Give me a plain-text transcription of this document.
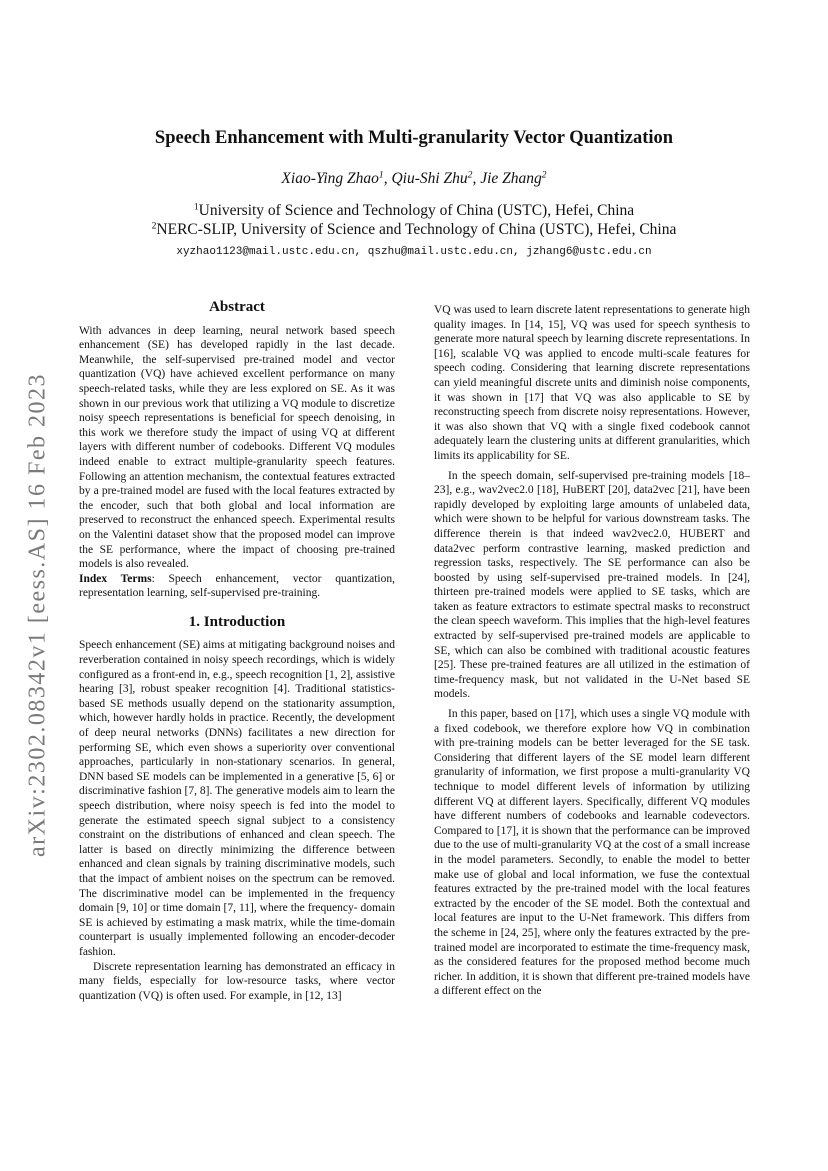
arXiv:2302.08342v1 [eess.AS] 16 Feb 2023
Speech Enhancement with Multi-granularity Vector Quantization
Xiao-Ying Zhao$^1$, Qiu-Shi Zhu$^2$, Jie Zhang$^2$
$^1$University of Science and Technology of China (USTC), Hefei, China
$^2$NERC-SLIP, University of Science and Technology of China (USTC), Hefei, China
xyzhao1123@mail.ustc.edu.cn, qszhu@mail.ustc.edu.cn, jzhang6@ustc.edu.cn
Abstract

With advances in deep learning, neural network based speech enhancement (SE) has developed rapidly in the last decade. Meanwhile, the self-supervised pre-trained model and vector quantization (VQ) have achieved excellent performance on many speech-related tasks, while they are less explored on SE. As it was shown in our previous work that utilizing a VQ module to discretize noisy speech representations is beneficial for speech denoising, in this work we therefore study the impact of using VQ at different layers with different number of codebooks. Different VQ modules indeed enable to extract multiple-granularity speech features. Following an attention mechanism, the contextual features extracted by a pre-trained model are fused with the local features extracted by the encoder, such that both global and local information are preserved to reconstruct the enhanced speech. Experimental results on the Valentini dataset show that the proposed model can improve the SE performance, where the impact of choosing pre-trained models is also revealed.

Index Terms: Speech enhancement, vector quantization, representation learning, self-supervised pre-training.

1. Introduction

Speech enhancement (SE) aims at mitigating background noises and reverberation contained in noisy speech recordings, which is widely configured as a front-end in, e.g., speech recognition [1, 2], assistive hearing [3], robust speaker recognition [4]. Traditional statistics-based SE methods usually depend on the stationarity assumption, which, however hardly holds in practice. Recently, the development of deep neural networks (DNNs) facilitates a new direction for performing SE, which even shows a superiority over conventional approaches, particularly in non-stationary scenarios. In general, DNN based SE models can be implemented in a generative [5, 6] or discriminative fashion [7, 8]. The generative models aim to learn the speech distribution, where noisy speech is fed into the model to generate the estimated speech signal subject to a consistency constraint on the distributions of enhanced and clean speech. The latter is based on directly minimizing the difference between enhanced and clean signals by training discriminative models, such that the impact of ambient noises on the spectrum can be removed. The discriminative model can be implemented in the frequency domain [9, 10] or time domain [7, 11], where the frequency- domain SE is achieved by estimating a mask matrix, while the time-domain counterpart is usually implemented following an encoder-decoder fashion.

Discrete representation learning has demonstrated an efficacy in many fields, especially for low-resource tasks, where vector quantization (VQ) is often used. For example, in [12, 13]

VQ was used to learn discrete latent representations to generate high quality images. In [14, 15], VQ was used for speech synthesis to generate more natural speech by learning discrete representations. In [16], scalable VQ was applied to encode multi-scale features for speech coding. Considering that learning discrete representations can yield meaningful discrete units and diminish noise components, it was shown in [17] that VQ was also applicable to SE by reconstructing speech from discrete noisy representations. However, it was also shown that VQ with a single fixed codebook cannot adequately learn the clustering units at different granularities, which limits its applicability for SE.

In the speech domain, self-supervised pre-training models [18–23], e.g., wav2vec2.0 [18], HuBERT [20], data2vec [21], have been rapidly developed by exploiting large amounts of unlabeled data, which were shown to be helpful for various downstream tasks. The difference therein is that indeed wav2vec2.0, HUBERT and data2vec perform contrastive learning, masked prediction and regression tasks, respectively. The SE performance can also be boosted by using self-supervised pre-trained models. In [24], thirteen pre-trained models were applied to SE tasks, which are taken as feature extractors to estimate spectral masks to reconstruct the clean speech waveform. This implies that the high-level features extracted by self-supervised pre-trained models are applicable to SE, which can also be combined with traditional acoustic features [25]. These pre-trained features are all utilized in the estimation of time-frequency mask, but not validated in the U-Net based SE models.

In this paper, based on [17], which uses a single VQ module with a fixed codebook, we therefore explore how VQ in combination with pre-training models can be better leveraged for the SE task. Considering that different layers of the SE model learn different granularity of information, we first propose a multi-granularity VQ technique to model different levels of information by utilizing different VQ at different layers. Specifically, different VQ modules have different numbers of codebooks and learnable codevectors. Compared to [17], it is shown that the performance can be improved due to the use of multi-granularity VQ at the cost of a small increase in the model parameters. Secondly, to enable the model to better make use of global and local information, we fuse the contextual features extracted by the pre-trained model with the local features extracted by the encoder of the SE model. Both the contextual and local features are input to the U-Net framework. This differs from the scheme in [24, 25], where only the features extracted by the pre-trained model are incorporated to estimate the time-frequency mask, as the considered features for the proposed method become much richer. In addition, it is shown that different pre-trained models have a different effect on the
